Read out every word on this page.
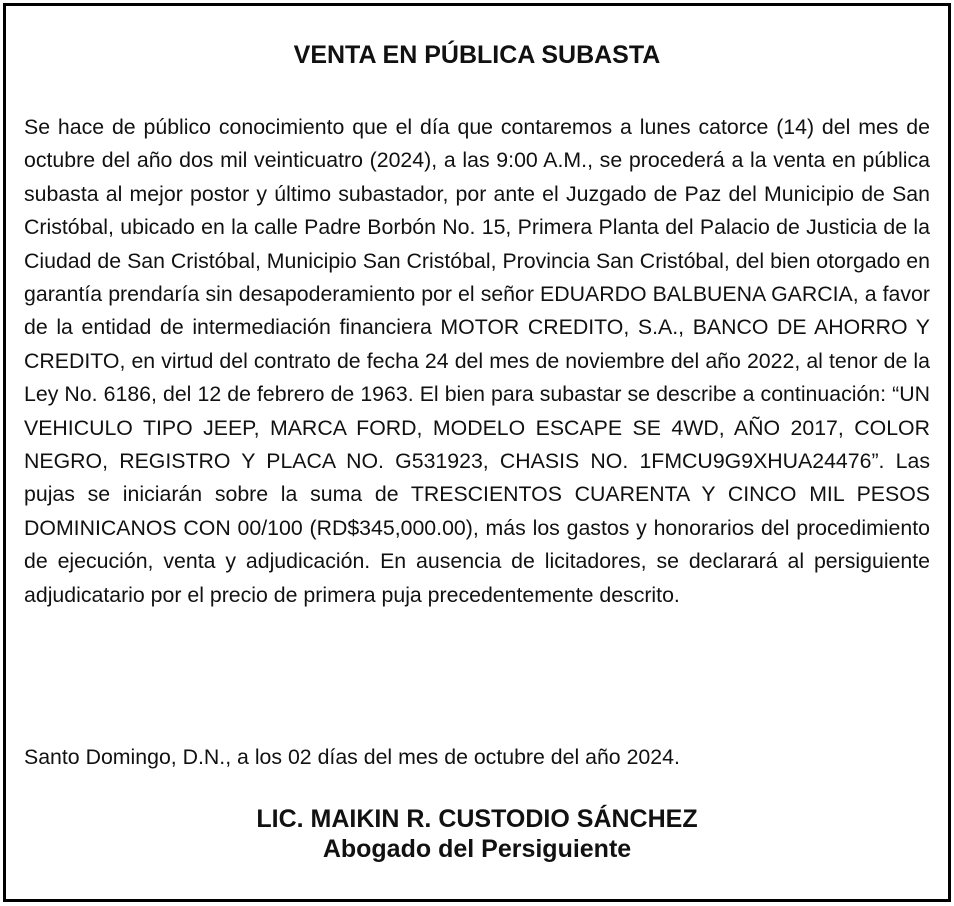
VENTA EN PÚBLICA SUBASTA

Se hace de público conocimiento que el día que contaremos a lunes catorce (14) del mes de octubre del año dos mil veinticuatro (2024), a las 9:00 A.M., se procederá a la venta en pública subasta al mejor postor y último subastador, por ante el Juzgado de Paz del Municipio de San Cristóbal, ubicado en la calle Padre Borbón No. 15, Primera Planta del Palacio de Justicia de la Ciudad de San Cristóbal, Municipio San Cristóbal, Provincia San Cristóbal, del bien otorgado en garantía prendaría sin desapoderamiento por el señor EDUARDO BALBUENA GARCIA, a favor de la entidad de intermediación financiera MOTOR CREDITO, S.A., BANCO DE AHORRO Y CREDITO, en virtud del contrato de fecha 24 del mes de noviembre del año 2022, al tenor de la Ley No. 6186, del 12 de febrero de 1963. El bien para subastar se describe a continuación: “UN VEHICULO TIPO JEEP, MARCA FORD, MODELO ESCAPE SE 4WD, AÑO 2017, COLOR NEGRO, REGISTRO Y PLACA NO. G531923, CHASIS NO. 1FMCU9G9XHUA24476”. Las pujas se iniciarán sobre la suma de TRESCIENTOS CUARENTA Y CINCO MIL PESOS DOMINICANOS CON 00/100 (RD$345,000.00), más los gastos y honorarios del procedimiento de ejecución, venta y adjudicación. En ausencia de licitadores, se declarará al persiguiente adjudicatario por el precio de primera puja precedentemente descrito.

Santo Domingo, D.N., a los 02 días del mes de octubre del año 2024.

LIC. MAIKIN R. CUSTODIO SÁNCHEZ

Abogado del Persiguiente
